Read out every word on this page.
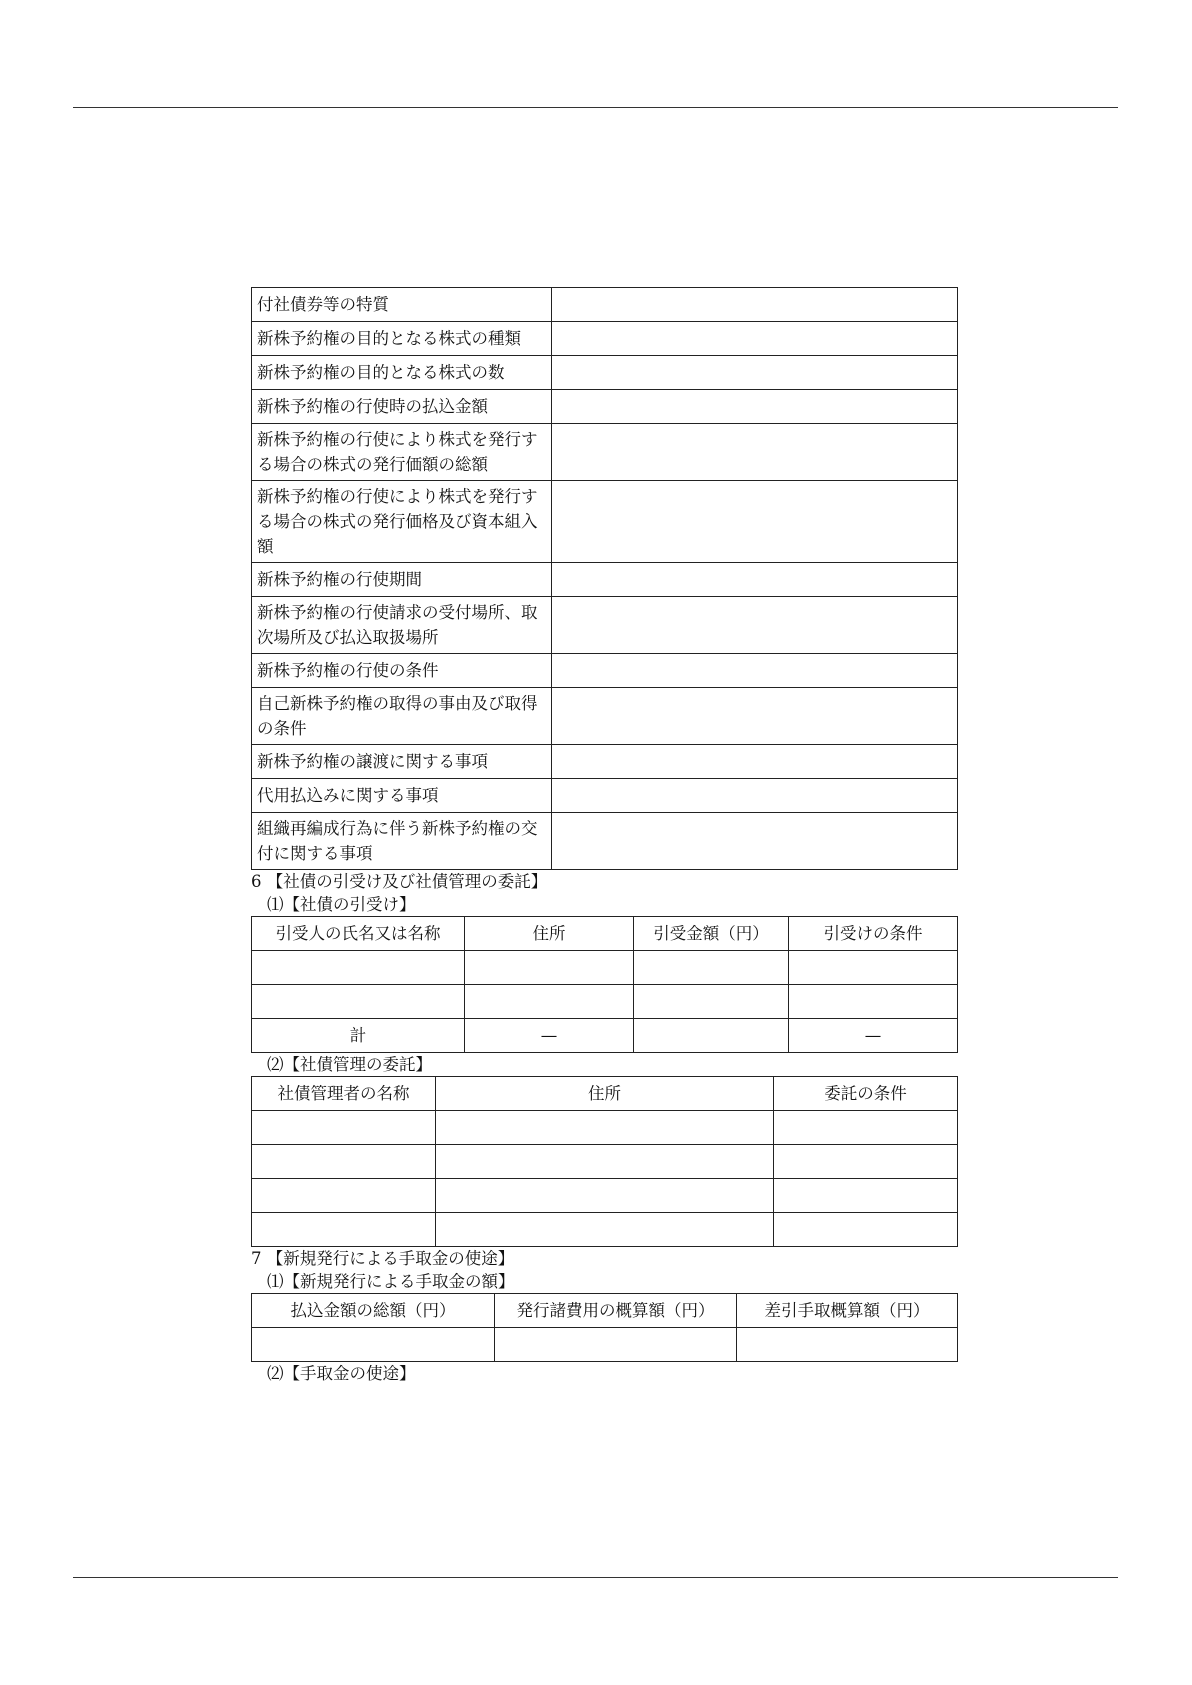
付社債券等の特質	
新株予約権の目的となる株式の種類	
新株予約権の目的となる株式の数	
新株予約権の行使時の払込金額	
新株予約権の行使により株式を発行する場合の株式の発行価額の総額	
新株予約権の行使により株式を発行する場合の株式の発行価格及び資本組入額	
新株予約権の行使期間	
新株予約権の行使請求の受付場所、取次場所及び払込取扱場所	
新株予約権の行使の条件	
自己新株予約権の取得の事由及び取得の条件	
新株予約権の譲渡に関する事項	
代用払込みに関する事項	
組織再編成行為に伴う新株予約権の交付に関する事項	
6 【社債の引受け及び社債管理の委託】
⑴【社債の引受け】
引受人の氏名又は名称	住所	引受金額（円）	引受けの条件

計	—		—
⑵【社債管理の委託】
社債管理者の名称	住所	委託の条件

7 【新規発行による手取金の使途】
⑴【新規発行による手取金の額】
払込金額の総額（円）	発行諸費用の概算額（円）	差引手取概算額（円）

⑵【手取金の使途】
